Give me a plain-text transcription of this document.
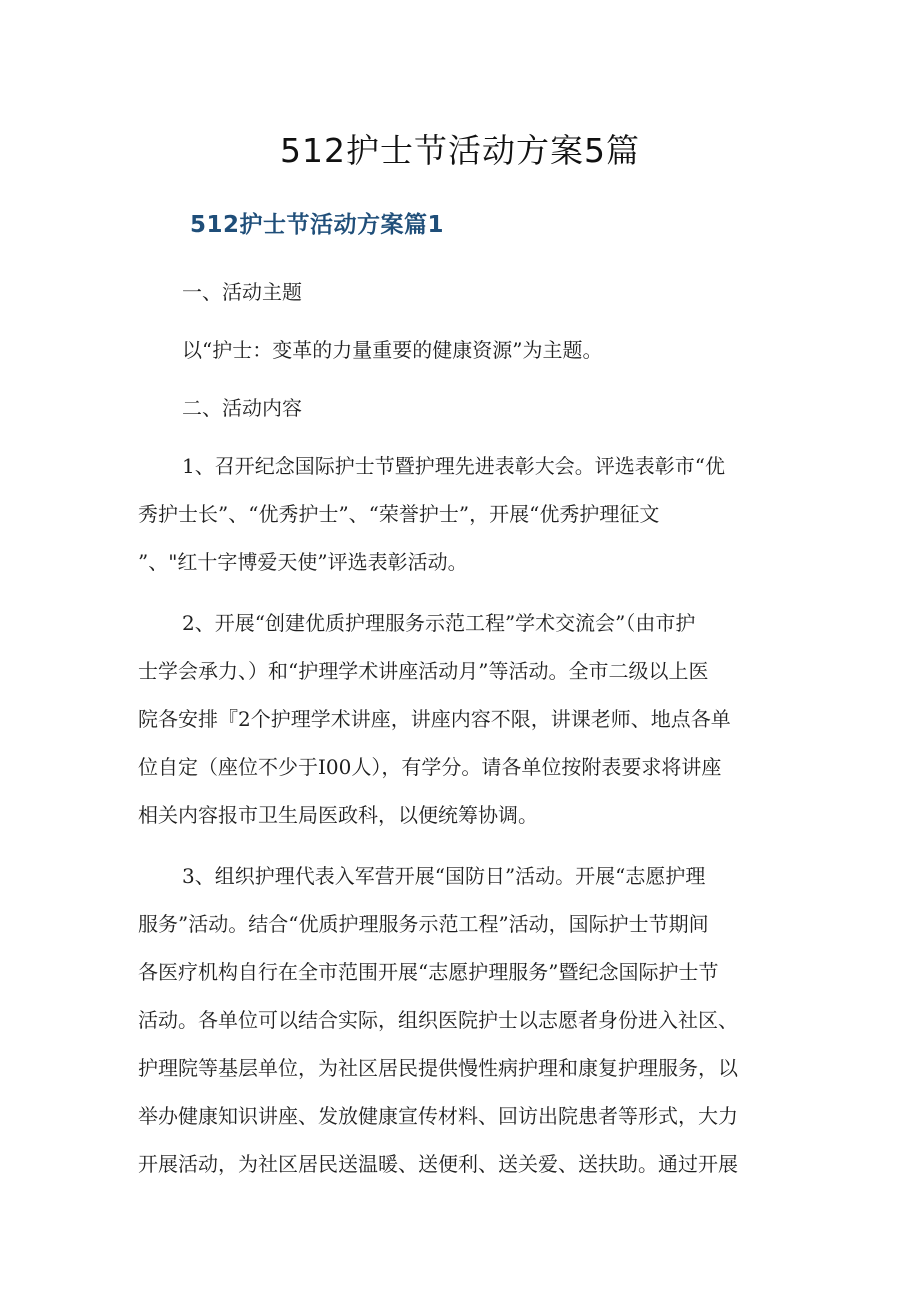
512护士节活动方案5篇
512护士节活动方案篇1
一、活动主题
以“护士：变革的力量重要的健康资源”为主题。
二、活动内容
1、召开纪念国际护士节暨护理先进表彰大会。评选表彰市“优
秀护士长”、“优秀护士”、“荣誉护士”，开展“优秀护理征文
”、"红十字博爱天使”评选表彰活动。
2、开展“创建优质护理服务示范工程”学术交流会”（由市护
士学会承力、）和“护理学术讲座活动月”等活动。全市二级以上医
院各安排『2个护理学术讲座，讲座内容不限，讲课老师、地点各单
位自定（座位不少于I00人），有学分。请各单位按附表要求将讲座
相关内容报市卫生局医政科，以便统筹协调。
3、组织护理代表入军营开展“国防日”活动。开展“志愿护理
服务”活动。结合“优质护理服务示范工程”活动，国际护士节期间
各医疗机构自行在全市范围开展“志愿护理服务”暨纪念国际护士节
活动。各单位可以结合实际，组织医院护士以志愿者身份进入社区、
护理院等基层单位，为社区居民提供慢性病护理和康复护理服务，以
举办健康知识讲座、发放健康宣传材料、回访出院患者等形式，大力
开展活动，为社区居民送温暖、送便利、送关爱、送扶助。通过开展
